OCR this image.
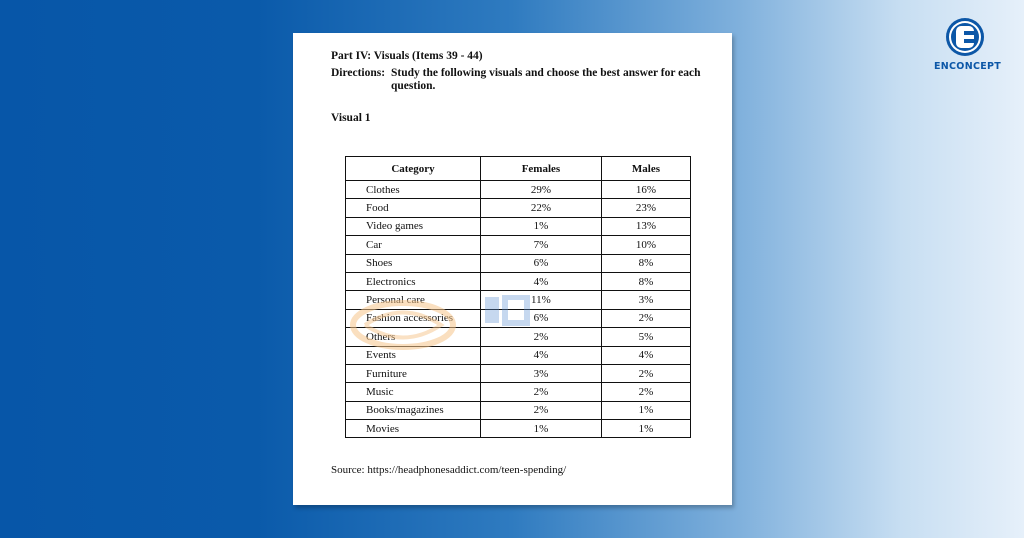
Part IV: Visuals (Items 39 - 44)
Directions: Study the following visuals and choose the best answer for each question.
Visual 1
Category	Females	Males
Clothes	29%	16%
Food	22%	23%
Video games	1%	13%
Car	7%	10%
Shoes	6%	8%
Electronics	4%	8%
Personal care	11%	3%
Fashion accessories	6%	2%
Others	2%	5%
Events	4%	4%
Furniture	3%	2%
Music	2%	2%
Books/magazines	2%	1%
Movies	1%	1%
Source: https://headphonesaddict.com/teen-spending/
ENCONCEPT
